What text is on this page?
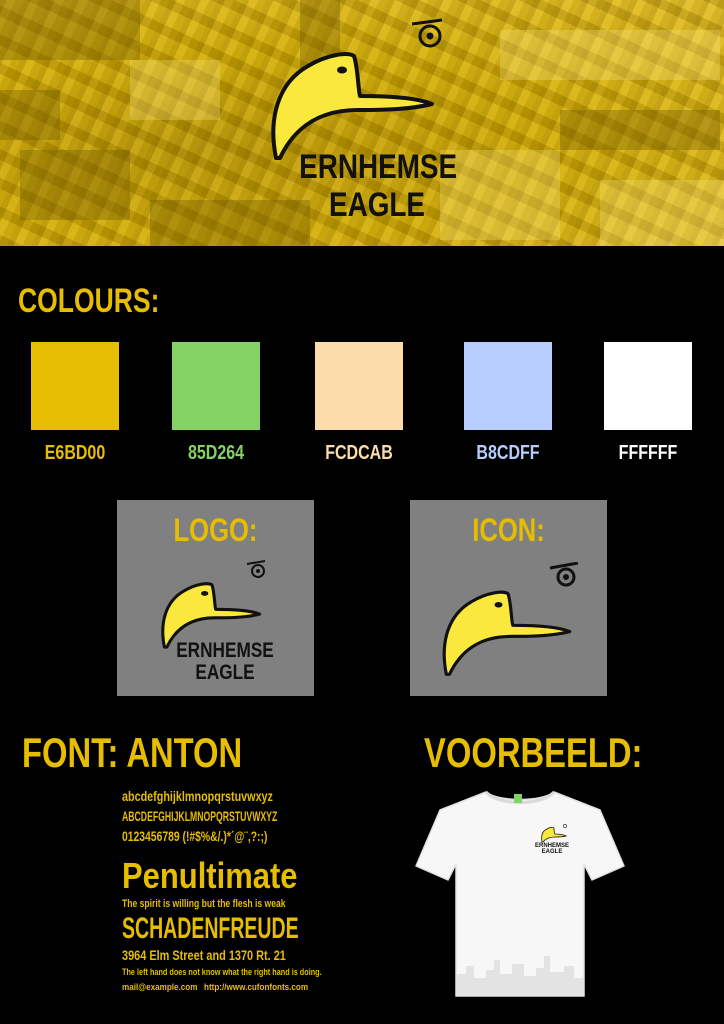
ERNHEMSE
EAGLE
COLOURS:
E6BD00	85D264	FCDCAB	B8CDFF	FFFFFF
LOGO:
ERNHEMSE
EAGLE
ICON:
FONT: ANTON
abcdefghijklmnopqrstuvwxyz
ABCDEFGHIJKLMNOPQRSTUVWXYZ
0123456789 (!#$%&/.)*´@¨,?:;)
Penultimate
The spirit is willing but the flesh is weak
SCHADENFREUDE
3964 Elm Street and 1370 Rt. 21
The left hand does not know what the right hand is doing.
mail@example.com http://www.cufonfonts.com
VOORBEELD:
ERNHEMSE
EAGLE
